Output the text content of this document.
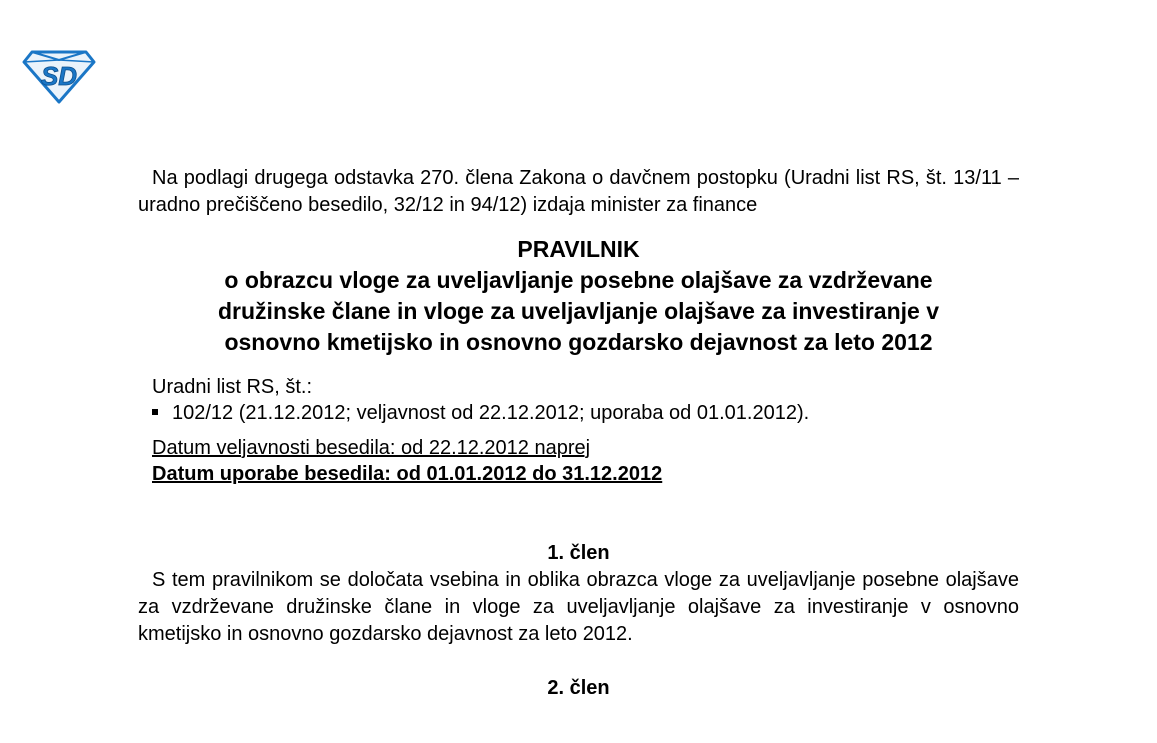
SD

Na podlagi drugega odstavka 270. člena Zakona o davčnem postopku (Uradni list RS, št. 13/11 – uradno prečiščeno besedilo, 32/12 in 94/12) izdaja minister za finance

PRAVILNIK
o obrazcu vloge za uveljavljanje posebne olajšave za vzdrževane
družinske člane in vloge za uveljavljanje olajšave za investiranje v
osnovno kmetijsko in osnovno gozdarsko dejavnost za leto 2012
Uradni list RS, št.:
102/12 (21.12.2012; veljavnost od 22.12.2012; uporaba od 01.01.2012).
Datum veljavnosti besedila: od 22.12.2012 naprej
Datum uporabe besedila: od 01.01.2012 do 31.12.2012
1. člen

S tem pravilnikom se določata vsebina in oblika obrazca vloge za uveljavljanje posebne olajšave za vzdrževane družinske člane in vloge za uveljavljanje olajšave za investiranje v osnovno kmetijsko in osnovno gozdarsko dejavnost za leto 2012.

2. člen
